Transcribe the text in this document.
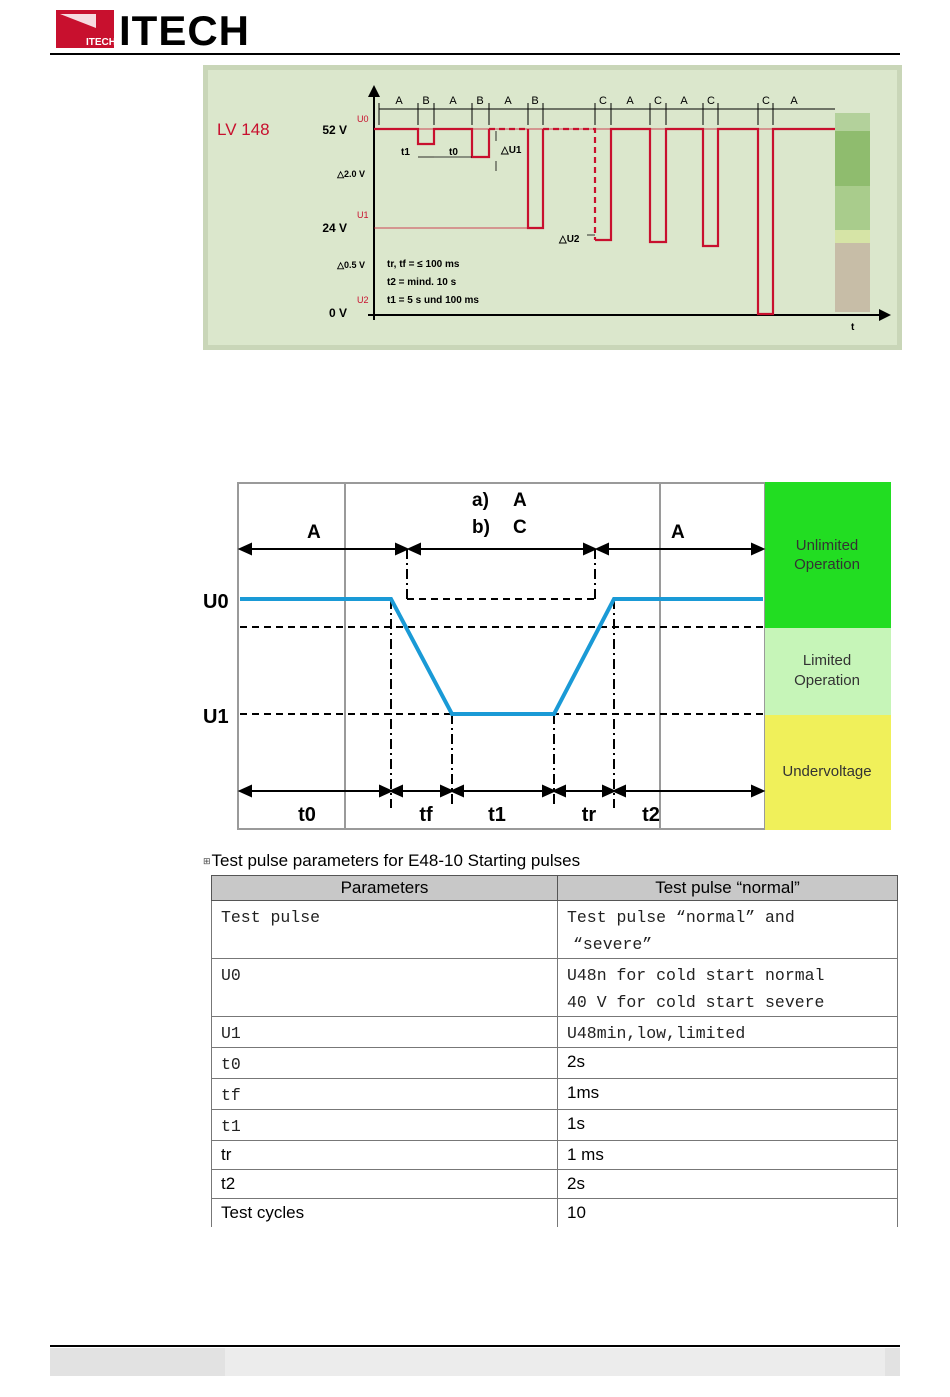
ITECH ITECH
A B A B A B	C A C A C	C A
t1	t0	△U1
△U2
LV 148	52 V
24 V
0 V
U0
U1
U2
△2.0 V
△0.5 V tr, tf = ≤ 100 ms
t2 = mind. 10 s
t1 = 5 s und 100 ms
t
Unlimited
Operation
Limited
Operation
Undervoltage
a) A
b) C
A	A
U0
U1
t0	tf	t1	tr t2
⊞Test pulse parameters for E48-10 Starting pulses
Parameters	Test pulse “normal”
Test pulse	Test pulse “normal” and
“severe”

U0	U48n for cold start normal
40 V for cold start severe

U1	U48min,low,limited
t0	2s
tf	1ms
t1	1s
tr	1 ms
t2	2s
Test cycles	10
